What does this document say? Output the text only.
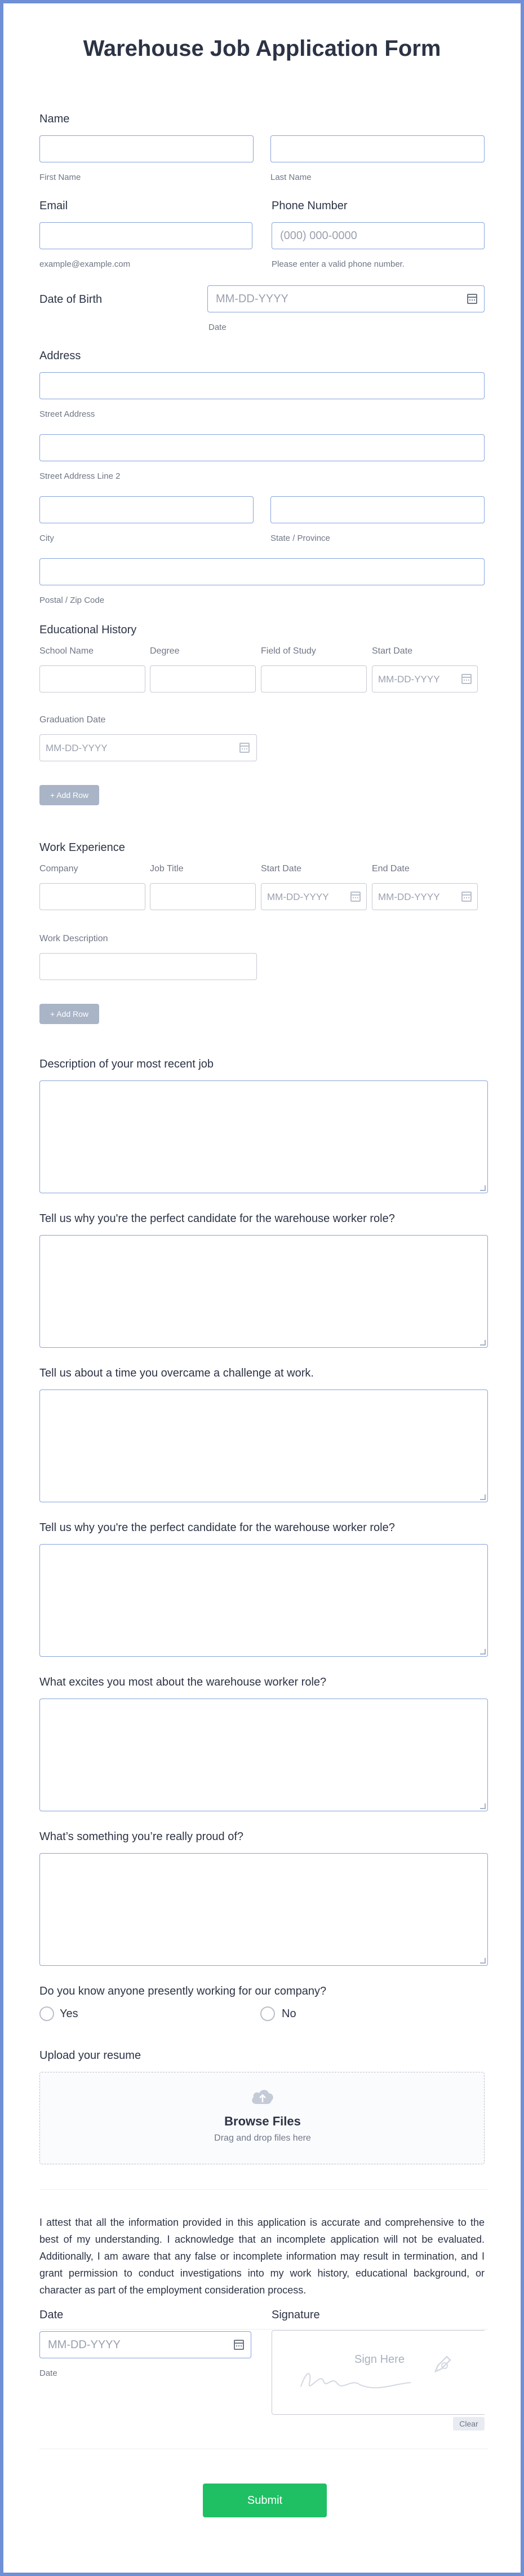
Warehouse Job Application Form
Name
First Name	Last Name
Email	Phone Number
(000) 000-0000
example@example.com	Please enter a valid phone number.
Date of Birth	MM-DD-YYYY
Date
Address
Street Address
Street Address Line 2
City	State / Province
Postal / Zip Code
Educational History
School Name	Degree	Field of Study	Start Date
MM-DD-YYYY
Graduation Date
MM-DD-YYYY
+ Add Row
Work Experience
Company	Job Title	Start Date	End Date
MM-DD-YYYY	MM-DD-YYYY
Work Description
+ Add Row
Description of your most recent job
Tell us why you're the perfect candidate for the warehouse worker role?
Tell us about a time you overcame a challenge at work.
Tell us why you're the perfect candidate for the warehouse worker role?
What excites you most about the warehouse worker role?
What’s something you’re really proud of?
Do you know anyone presently working for our company?
Yes	No
Upload your resume
Browse Files
Drag and drop files here
I attest that all the information provided in this application is accurate and comprehensive to the best of my understanding. I acknowledge that an incomplete application will not be evaluated. Additionally, I am aware that any false or incomplete information may result in termination, and I grant permission to conduct investigations into my work history, educational background, or character as part of the employment consideration process.
Date
MM-DD-YYYY
Date
Signature
Sign Here
Clear
Submit
